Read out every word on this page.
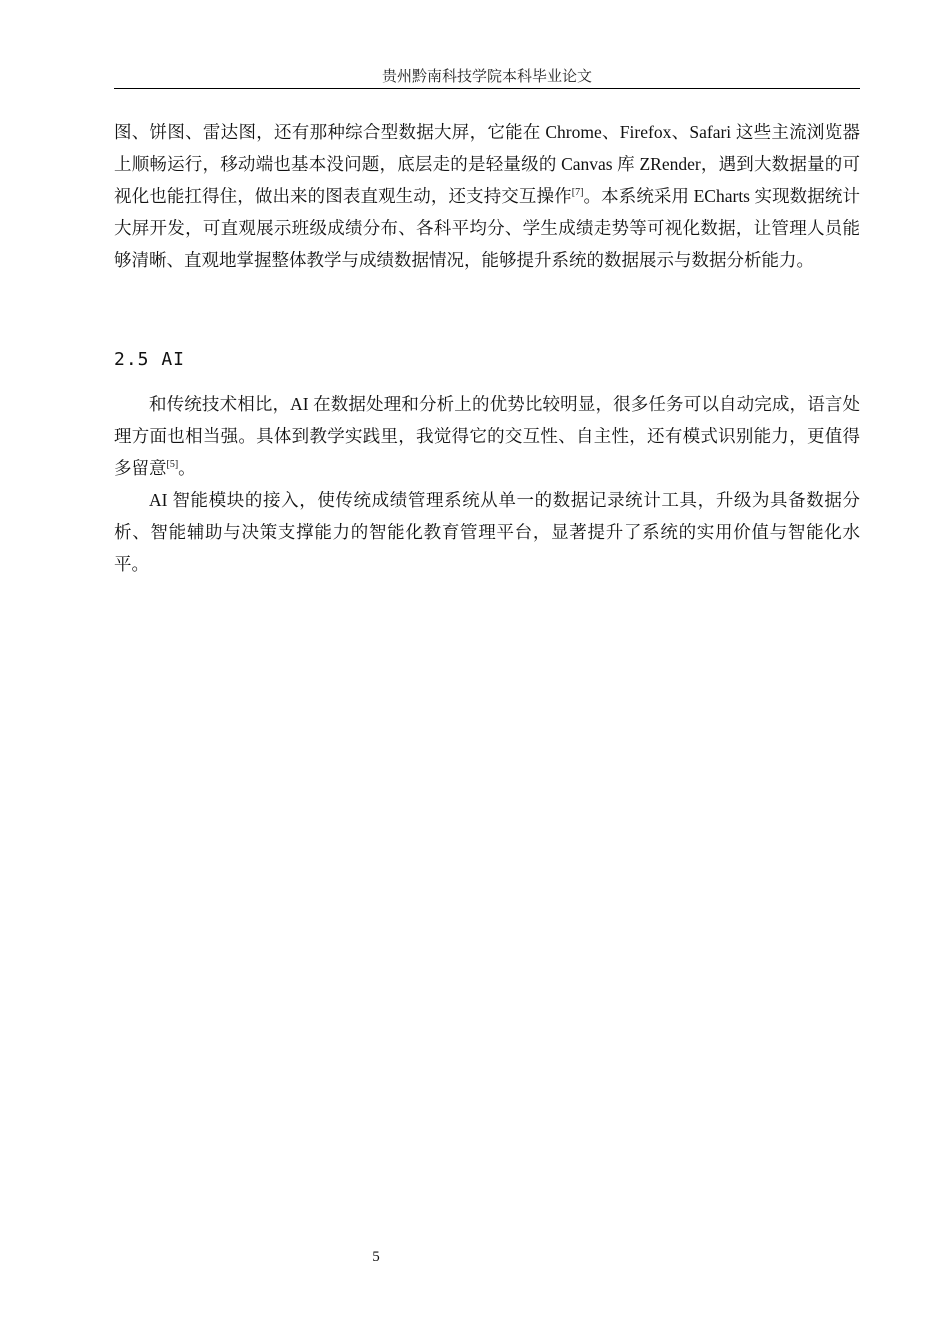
贵州黔南科技学院本科毕业论文

图、饼图、雷达图，还有那种综合型数据大屏，它能在 Chrome、Firefox、Safari 这些主流浏览器上顺畅运行，移动端也基本没问题，底层走的是轻量级的 Canvas 库 ZRender，遇到大数据量的可视化也能扛得住，做出来的图表直观生动，还支持交互操作[7]。本系统采用 ECharts 实现数据统计大屏开发，可直观展示班级成绩分布、各科平均分、学生成绩走势等可视化数据，让管理人员能够清晰、直观地掌握整体教学与成绩数据情况，能够提升系统的数据展示与数据分析能力。

2.5 AI

和传统技术相比，AI 在数据处理和分析上的优势比较明显，很多任务可以自动完成，语言处理方面也相当强。具体到教学实践里，我觉得它的交互性、自主性，还有模式识别能力，更值得多留意[5]。

AI 智能模块的接入，使传统成绩管理系统从单一的数据记录统计工具，升级为具备数据分析、智能辅助与决策支撑能力的智能化教育管理平台，显著提升了系统的实用价值与智能化水平。

5
